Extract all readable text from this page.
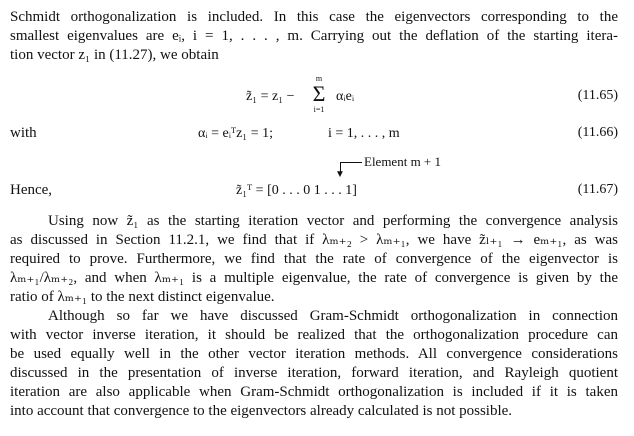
Schmidt orthogonalization is included. In this case the eigenvectors corresponding to the
smallest eigenvalues are eᵢ, i = 1, . . . , m. Carrying out the deflation of the starting itera-
tion vector z₁ in (11.27), we obtain
z̃₁ = z₁ −
m
Σ
i=1
αᵢeᵢ	(11.65)
with	αᵢ = eᵢᵀz₁ = 1;	i = 1, . . . , m	(11.66)
▼
Element m + 1
Hence,	z̃₁ᵀ = [0 . . . 0 1 . . . 1]	(11.67)
Using now z̃₁ as the starting iteration vector and performing the convergence analysis
as discussed in Section 11.2.1, we find that if λₘ₊₂ > λₘ₊₁, we have z̃ₗ₊₁ → eₘ₊₁, as was
required to prove. Furthermore, we find that the rate of convergence of the eigenvector is
λₘ₊₁/λₘ₊₂, and when λₘ₊₁ is a multiple eigenvalue, the rate of convergence is given by the
ratio of λₘ₊₁ to the next distinct eigenvalue.
Although so far we have discussed Gram-Schmidt orthogonalization in connection
with vector inverse iteration, it should be realized that the orthogonalization procedure can
be used equally well in the other vector iteration methods. All convergence considerations
discussed in the presentation of inverse iteration, forward iteration, and Rayleigh quotient
iteration are also applicable when Gram-Schmidt orthogonalization is included if it is taken
into account that convergence to the eigenvectors already calculated is not possible.
